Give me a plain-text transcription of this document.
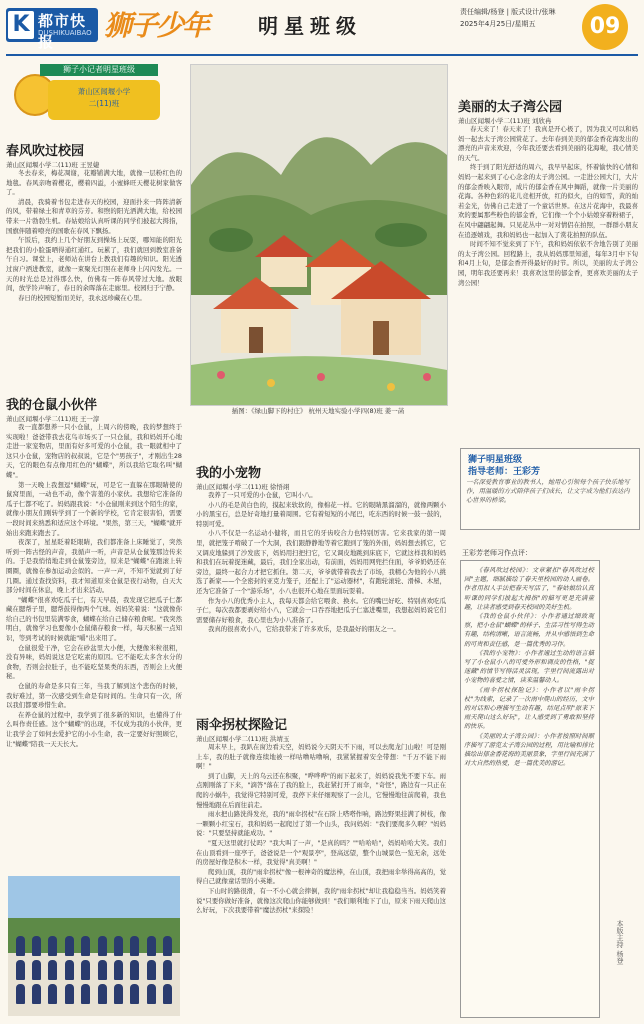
K 都市快报
DUSHIKUAIBAO 狮子少年 明星班级
责任编辑/杨登 | 版式设计/张琳
2025年4月25日/星期五	09
狮子小记者明星班级
萧山区闻堰小学
二(11)班
春风吹过校园
萧山区闻堰小学二(11)班 王昱婕

冬去春来，梅花凋谢，花瓣铺满大地，就像一层粉红色的地毯。春风亲吻着樱花，樱着四溢，小蜜蜂旺天樱花树家做客了。

清晨，我骑着书包走进春天的校园，迎面扑来一阵阵清新的风，带着绿土和青草的芬芳。和煦的阳光洒满大地，给校园带来一片勃勃生机。春姑娘给认真听课的同学们披起大拇指，国旗伴随着嘹亮的国歌在春风下飘扬。

午饭后，我约上几个好朋友到操场上玩耍，哪知能的阳光把我们的小脸蛋晒得通红通红。玩累了，我们就回到教室准备午自习。课堂上，老师站在讲台上教我们有趣的知识。阳光透过窗户洒进教室，就像一束聚光灯照在老师身上闪闪发光。一天的时光总是过得那么快，仿佛有一阵春风带过大地。放眼间，放学铃声响了，春日的余晖落在走廊里。校园归于宁静。

春日的校园短暂而美好，我永远珍藏在心里。

我的仓鼠小伙伴
萧山区闻堰小学二(11)班 王一淳

我一直都想养一只小仓鼠，上周六的傍晚，我的梦想终于实现啦！爸爸带我去花鸟市场买了一只仓鼠，我和妈妈开心地走进一家宠物店，里面有好多可爱的小仓鼠，我一眼就相中了这只小仓鼠，宠物店的叔叔说，它是个"男孩子"，才刚出生28天，它的眼色有点像用红色的"蝴蝶"，所以我给它取名叫"蝴蝶"。

第一天晚上我想逗"蝴蝶"玩，可是它一直躲在那眼睛使的鼠窝里面，一动也不动，像个害羞的小家伙。我想给它准备的瓜子仁都不吃了。妈妈跟我说："小仓鼠刚来到这个陌生的家，就像小朋友们刚转学到了一个新的学校，它肯定很害怕，需要一段时间来熟悉和适应这个环境。"果然，第三天，"蝴蝶"就开始出来跑来跑去了。

夜深了，星星眨着眨眼睛，我们都准备上床睡觉了，突然听到一阵古怪的声音，我循声一听，声音是从仓鼠笼那边传来的。于是我悄悄地走到仓鼠笼旁边，原来是"蝴蝶"在跑滚上转圈圈，就像在参加运动会似的。一声一声，不知不觉就到了好几圈。通过查找资料，我才知道原来仓鼠是夜行动物，白天大部分时间在休息，晚上才出来活动。

"蝴蝶"很喜欢吃瓜子仁，有天早晨，我发现它把瓜子仁都藏在腮帮子里，腮帮鼓得像两个气球。妈妈笑着说："这就像你给自己的书包里装满零食，蝴蝶在给自己储存粮食呢。"我突然明白，就像学习也要像小仓鼠储存粮食一样，每天积累一点知识，等到考试的时候就能"嚼"出来用了。

仓鼠很爱干净，它会在砂盆里大小便，大便像米粒很粗，没有异味，妈妈说这是它吃素的原因。它不能吃太多含水分的食物，否则会拉肚子，也不能吃坚果类的东西，否则会上火便秘。

仓鼠的寿命是多只有三年，当我了解到这个悲伤的时候，我好难过，第一次感受到生命是有时间的。生命只有一次，所以我们都要珍惜生命。

在养仓鼠的过程中，我学到了很多新的知识，也懂得了什么叫作责任感。这个"蝴蝶"的出现，不仅成为我的小伙伴，更让我学会了如何去爱护它的小小生命，我一定要好好照顾它，让"蝴蝶"陪我一天天长大。

插图：《绿山脚下的村庄》 杭州天地实验小学四(8)班 姜一菡
我的小宠物
萧山区闻堰小学二(11)班 徐悟翊

我养了一只可爱的小仓鼠，它叫小八。

小八的毛是黄白色的，摸起来软软的，像棉花一样。它的眼睛黑溜溜的，就像两颗小小的黑宝石，总是好奇地打量着周围。它有着短短的小尾巴，吃东西的时候一鼓一鼓的，特别可爱。

小八不仅是一名运动小健将，而且它的牙齿咬合力也特别厉害。它来我家的第一周里，就把笼子啃破了一个大洞，我们跟静静地等着它跑到了笼的外面，妈妈想去抓它，它又调皮地躲到了沙发底下，妈妈用扫把扫它，它又调皮地跳到床底下，它就这样我和妈妈和我们在玩着捉迷藏，最后，我们全家出动，有前面，妈妈用网兜拦住面，爷爷奶奶还在旁边，最终一起合力才把它抓住。第二天，爷爷就带着我去了市场，我精心为他的小八挑选了新家——个全密封的亚克力笼子，还配上了"运动器材"，有跑轮滚轮、滑梯、木屋，还为它准备了一个"游乐场"，小八也很开心地在里面玩耍着。

作为小八的优秀小主人，我每天都会给它喂食、换水。它的嘴巴好吃、特别喜欢吃瓜子仁，每次我都要剥好给小八，它就会一口吞吞地把瓜子仁塞进嘴里，我想起妈妈说它们需要储存好粮食，我心里也为小八准备了。

我真的很喜欢小八，它给我带来了许多欢乐，是我最好的朋友之一。

雨伞拐杖探险记
萧山区闻堰小学二(11)班 洪靖玉

周末早上，我趴在窗边看天空，妈妈说今天阴天不下雨，可以去爬龙门山啦！可是刚上车，我的肚子就像连续地被一样咕噜咕噜响，我紧紧握着安全带想："千万不能下雨啊！"

到了山脚，天上的乌云还在积聚，"哗哗哗"的雨下起来了，妈妈说我先不要下车。雨点刚刚落了下来，"滴答"落在了我的脸上，我赶紧打开了雨伞，"奇怪"，路边有一只正在爬的小蜗牛，我觉得它特别可爱，我停下来仔细观察了一会儿，它慢慢地往前爬着，我也慢慢地跟在后面往前走。

雨水把山路洗得发亮，我的"雨伞拐杖"在石阶上嗒嗒作响，路边野果挂满了树枝，像一颗颗小红宝石，我和妈妈一起爬过了第一个山头，我问妈妈："我们要爬多久啊？"妈妈说："只要坚持就能成功。"

"夏天这里就打仗吗？"我大叫了一声，"是真的吗？""哈哈哈"，妈妈哈哈大笑。我们在山顶看到一座亭子，爸爸说是一个"观景亭"，登高远望，整个山城景色一览无余，远处的房屋好像是积木一样，我觉得"真美啊！"

爬到山顶，我的"雨伞拐杖"像一根神奇的魔法棒，在山顶，我把雨伞举得高高的，觉得自己就像童话里的小英雄。

下山时的路很滑，有一不小心就会摔倒，我的"雨伞拐杖"却让我稳稳当当。妈妈笑着说"只要你做好准备，就像这次爬山你能够做到！"我们顺利地下了山，原来下雨天爬山这么好玩，下次我要带着"魔法拐杖"来探险！

美丽的太子湾公园
萧山区闻堰小学二(11)班 刘欣冉

春天来了！春天来了！我真是开心极了，因为我又可以和妈妈一起去太子湾公园赏花了。去年春到美美的郁金香花海发出的漂亮的声音来欢迎，今年我还要去看到美丽的花海啦，我心情美的天气。

终于到了阳光舒适的周六，我早早起床，怀着愉快的心情和妈妈一起来到了心心念念的太子湾公园。一走进公园大门，大片的郁金香映入眼帘，成片的郁金香在风中舞蹈，就像一片美丽的花海。各种色彩的花儿竞相开放，红的似火，白的如雪，黄的灿若金光，仿佛自己走进了一个童话世界。在这片花海中，我最喜欢的要属那些粉色的郁金香，它们像一个个小姑娘穿着粉裙子，在风中翩翩起舞。只见花丛中一对对情侣在拍照，一群群小朋友在追逐嬉戏，我和妈妈也一起加入了赏花拍照的队伍。

时间不知不觉来到了下午，我和妈妈依依不舍地告别了美丽的太子湾公园。回程路上，我从妈妈那里知道，每年3月中下旬和4月上旬，是郁金香开得最好的时节。所以，美丽的太子湾公园，明年我还要再来！我喜欢这里的郁金香，更喜欢美丽的太子湾公园！

狮子明星班级
指导老师：王彩芳
一名深爱教育事业的教书人，她用心引领每个孩子快乐地写作，用温暖的方式陪伴孩子们成长，让文字成为他们表达内心世界的桥梁。
王彩芳老师习作点评：

《春风吹过校园》：文章紧扣"春风吹过校园"主题，细腻描绘了春天里校园的动人画卷。作者用拟人手法把春天写活了，"春姑娘给认真听课的同学们披起大拇指"的描写更是充满童趣，让读者感受到春天校园的美好生机。

《我的仓鼠小伙伴》：小作者通过细致观察，把小仓鼠"蝴蝶"的样子、生活习性写得生动有趣，结构清晰，语言流畅，并从中感悟到生命的可贵和责任感，是一篇优秀的习作。

《我的小宠物》：小作者通过生动的语言描写了小仓鼠小八的可爱外形和调皮的性格，"捉迷藏"的情节写得活灵活现，字里行间流露出对小宠物的喜爱之情，读来温馨动人。

《雨伞拐杖探险记》：小作者以"雨伞拐杖"为线索，记录了一次雨中爬山的经历，文中的对话和心理描写生动有趣，结尾点明"原来下雨天爬山这么好玩"，让人感受到了勇敢和坚持的快乐。

《美丽的太子湾公园》：小作者按照时间顺序描写了游览太子湾公园的过程，用比喻和排比描绘出郁金香花海的美丽景象，字里行间充满了对大自然的热爱，是一篇优美的游记。

本版主持 杨登
